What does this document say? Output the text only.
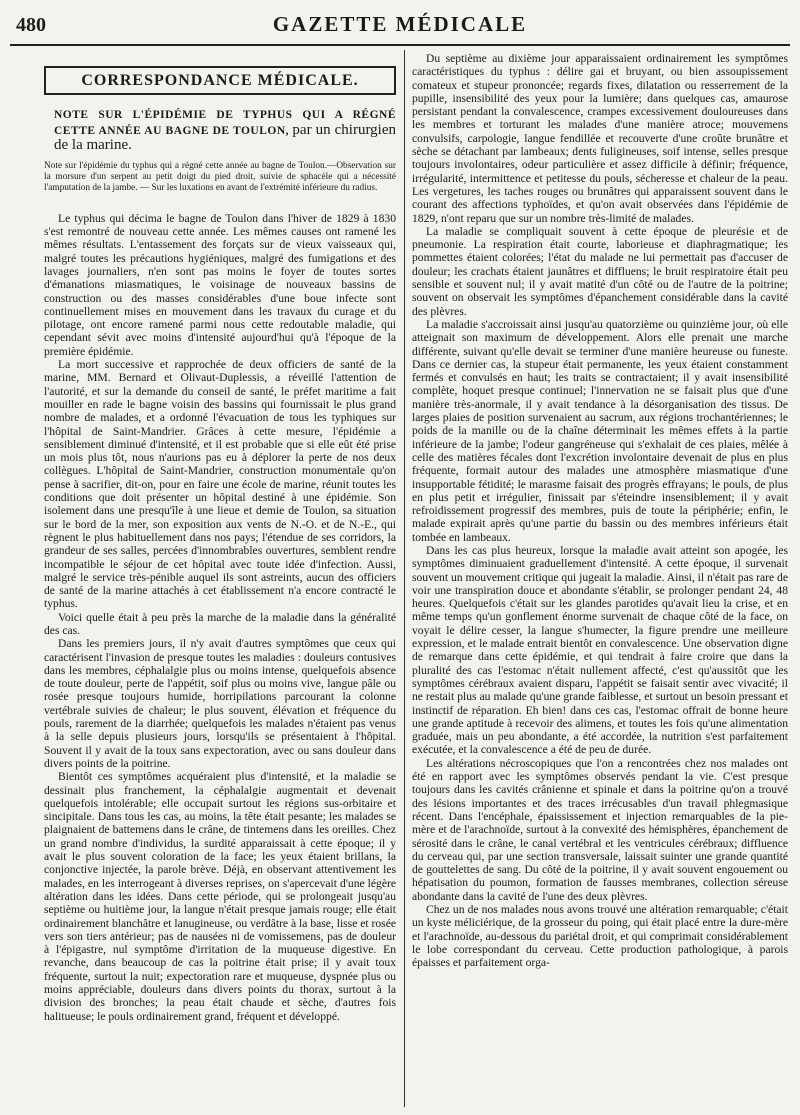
480	GAZETTE MÉDICALE
CORRESPONDANCE MÉDICALE.
NOTE SUR L'ÉPIDÉMIE DE TYPHUS QUI A RÉGNÉ CETTE ANNÉE AU BAGNE DE TOULON, par un chirurgien de la marine.
Note sur l'épidémie du typhus qui a régné cette année au bagne de Toulon.—Observation sur la morsure d'un serpent au petit doigt du pied droit, suivie de sphacèle qui a nécessité l'amputation de la jambe. — Sur les luxations en avant de l'extrémité inférieure du radius.

Le typhus qui décima le bagne de Toulon dans l'hiver de 1829 à 1830 s'est remontré de nouveau cette année. Les mêmes causes ont ramené les mêmes résultats. L'entassement des forçats sur de vieux vaisseaux qui, malgré toutes les précautions hygiéniques, malgré des fumigations et des lavages journaliers, n'en sont pas moins le foyer de toutes sortes d'émanations miasmatiques, le voisinage de nouveaux bassins de construction ou des masses considérables d'une boue infecte sont continuellement mises en mouvement dans les travaux du curage et du pilotage, ont encore ramené parmi nous cette redoutable maladie, qui cependant sévit avec moins d'intensité aujourd'hui qu'à l'époque de la première épidémie.

La mort successive et rapprochée de deux officiers de santé de la marine, MM. Bernard et Olivaut-Duplessis, a réveillé l'attention de l'autorité, et sur la demande du conseil de santé, le préfet maritime a fait mouiller en rade le bagne voisin des bassins qui fournissait le plus grand nombre de malades, et a ordonné l'évacuation de tous les typhiques sur l'hôpital de Saint-Mandrier. Grâces à cette mesure, l'épidémie a sensiblement diminué d'intensité, et il est probable que si elle eût été prise un mois plus tôt, nous n'aurions pas eu à déplorer la perte de nos deux collègues. L'hôpital de Saint-Mandrier, construction monumentale qu'on pense à sacrifier, dit-on, pour en faire une école de marine, réunit toutes les conditions que doit présenter un hôpital destiné à une épidémie. Son isolement dans une presqu'île à une lieue et demie de Toulon, sa situation sur le bord de la mer, son exposition aux vents de N.-O. et de N.-E., qui règnent le plus habituellement dans nos pays; l'étendue de ses corridors, la grandeur de ses salles, percées d'innombrables ouvertures, semblent rendre incompatible le séjour de cet hôpital avec toute idée d'infection. Aussi, malgré le service très-pénible auquel ils sont astreints, aucun des officiers de santé de la marine attachés à cet établissement n'a encore contracté le typhus.

Voici quelle était à peu près la marche de la maladie dans la généralité des cas.

Dans les premiers jours, il n'y avait d'autres symptômes que ceux qui caractérisent l'invasion de presque toutes les maladies : douleurs contusives dans les membres, céphalalgie plus ou moins intense, quelquefois absence de toute douleur, perte de l'appétit, soif plus ou moins vive, langue pâle ou rosée presque toujours humide, horripilations parcourant la colonne vertébrale suivies de chaleur; le plus souvent, élévation et fréquence du pouls, rarement de la diarrhée; quelquefois les malades n'étaient pas venus à la selle depuis plusieurs jours, lorsqu'ils se présentaient à l'hôpital. Souvent il y avait de la toux sans expectoration, avec ou sans douleur dans divers points de la poitrine.

Bientôt ces symptômes acquéraient plus d'intensité, et la maladie se dessinait plus franchement, la céphalalgie augmentait et devenait quelquefois intolérable; elle occupait surtout les régions sus-orbitaire et sincipitale. Dans tous les cas, au moins, la tête était pesante; les malades se plaignaient de battemens dans le crâne, de tintemens dans les oreilles. Chez un grand nombre d'individus, la surdité apparaissait à cette époque; il y avait le plus souvent coloration de la face; les yeux étaient brillans, la conjonctive injectée, la parole brève. Déjà, en observant attentivement les malades, en les interrogeant à diverses reprises, on s'apercevait d'une légère altération dans les idées. Dans cette période, qui se prolongeait jusqu'au septième ou huitième jour, la langue n'était presque jamais rouge; elle était ordinairement blanchâtre et lanugineuse, ou verdâtre à la base, lisse et rosée vers son tiers antérieur; pas de nausées ni de vomissemens, pas de douleur à l'épigastre, nul symptôme d'irritation de la muqueuse digestive. En revanche, dans beaucoup de cas la poitrine était prise; il y avait toux fréquente, surtout la nuit; expectoration rare et muqueuse, dyspnée plus ou moins appréciable, douleurs dans divers points du thorax, surtout à la division des bronches; la peau était chaude et sèche, d'autres fois halitueuse; le pouls ordinairement grand, fréquent et développé.

Du septième au dixième jour apparaissaient ordinairement les symptômes caractéristiques du typhus : délire gai et bruyant, ou bien assoupissement comateux et stupeur prononcée; regards fixes, dilatation ou resserrement de la pupille, insensibilité des yeux pour la lumière; dans quelques cas, amaurose persistant pendant la convalescence, crampes excessivement douloureuses dans les membres et torturant les malades d'une manière atroce; mouvemens convulsifs, carpologie, langue fendillée et recouverte d'une croûte brunâtre et sèche se détachant par lambeaux; dents fuligineuses, soif intense, selles presque toujours involontaires, odeur particulière et assez difficile à définir; fréquence, irrégularité, intermittence et petitesse du pouls, sécheresse et chaleur de la peau. Les vergetures, les taches rouges ou brunâtres qui apparaissent souvent dans le courant des affections typhoïdes, et qu'on avait observées dans l'épidémie de 1829, n'ont reparu que sur un nombre très-limité de malades.

La maladie se compliquait souvent à cette époque de pleurésie et de pneumonie. La respiration était courte, laborieuse et diaphragmatique; les pommettes étaient colorées; l'état du malade ne lui permettait pas d'accuser de douleur; les crachats étaient jaunâtres et diffluens; le bruit respiratoire était peu sensible et souvent nul; il y avait matité d'un côté ou de l'autre de la poitrine; souvent on observait les symptômes d'épanchement considérable dans la cavité des plèvres.

La maladie s'accroissait ainsi jusqu'au quatorzième ou quinzième jour, où elle atteignait son maximum de développement. Alors elle prenait une marche différente, suivant qu'elle devait se terminer d'une manière heureuse ou funeste. Dans ce dernier cas, la stupeur était permanente, les yeux étaient constamment fermés et convulsés en haut; les traits se contractaient; il y avait insensibilité complète, hoquet presque continuel; l'innervation ne se faisait plus que d'une manière très-anormale, il y avait tendance à la désorganisation des tissus. De larges plaies de position survenaient au sacrum, aux régions trochantériennes; le poids de la manille ou de la chaîne déterminait les mêmes effets à la partie inférieure de la jambe; l'odeur gangréneuse qui s'exhalait de ces plaies, mêlée à celle des matières fécales dont l'excrétion involontaire devenait de plus en plus fréquente, formait autour des malades une atmosphère miasmatique d'une insupportable fétidité; le marasme faisait des progrès effrayans; le pouls, de plus en plus petit et irrégulier, finissait par s'éteindre insensiblement; il y avait refroidissement progressif des membres, puis de toute la périphérie; enfin, le malade expirait après qu'une partie du bassin ou des membres inférieurs était tombée en lambeaux.

Dans les cas plus heureux, lorsque la maladie avait atteint son apogée, les symptômes diminuaient graduellement d'intensité. A cette époque, il survenait souvent un mouvement critique qui jugeait la maladie. Ainsi, il n'était pas rare de voir une transpiration douce et abondante s'établir, se prolonger pendant 24, 48 heures. Quelquefois c'était sur les glandes parotides qu'avait lieu la crise, et en même temps qu'un gonflement énorme survenait de chaque côté de la face, on voyait le délire cesser, la langue s'humecter, la figure prendre une meilleure expression, et le malade entrait bientôt en convalescence. Une observation digne de remarque dans cette épidémie, et qui tendrait à faire croire que dans la pluralité des cas l'estomac n'était nullement affecté, c'est qu'aussitôt que les symptômes cérébraux avaient disparu, l'appétit se faisait sentir avec vivacité; il ne restait plus au malade qu'une grande faiblesse, et surtout un besoin pressant et instinctif de réparation. Eh bien! dans ces cas, l'estomac offrait de bonne heure une grande aptitude à recevoir des alimens, et toutes les fois qu'une alimentation graduée, mais un peu abondante, a été accordée, la nutrition s'est parfaitement exécutée, et la convalescence a été de peu de durée.

Les altérations nécroscopiques que l'on a rencontrées chez nos malades ont été en rapport avec les symptômes observés pendant la vie. C'est presque toujours dans les cavités crânienne et spinale et dans la poitrine qu'on a trouvé des lésions importantes et des traces irrécusables d'un travail phlegmasique récent. Dans l'encéphale, épaississement et injection remarquables de la pie-mère et de l'arachnoïde, surtout à la convexité des hémisphères, épanchement de sérosité dans le crâne, le canal vertébral et les ventricules cérébraux; diffluence du cerveau qui, par une section transversale, laissait suinter une grande quantité de gouttelettes de sang. Du côté de la poitrine, il y avait souvent engouement ou hépatisation du poumon, formation de fausses membranes, collection séreuse abondante dans la cavité de l'une des deux plèvres.

Chez un de nos malades nous avons trouvé une altération remarquable; c'était un kyste méliciérique, de la grosseur du poing, qui était placé entre la dure-mère et l'arachnoïde, au-dessous du pariétal droit, et qui comprimait considérablement le lobe correspondant du cerveau. Cette production pathologique, à parois épaisses et parfaitement orga-
